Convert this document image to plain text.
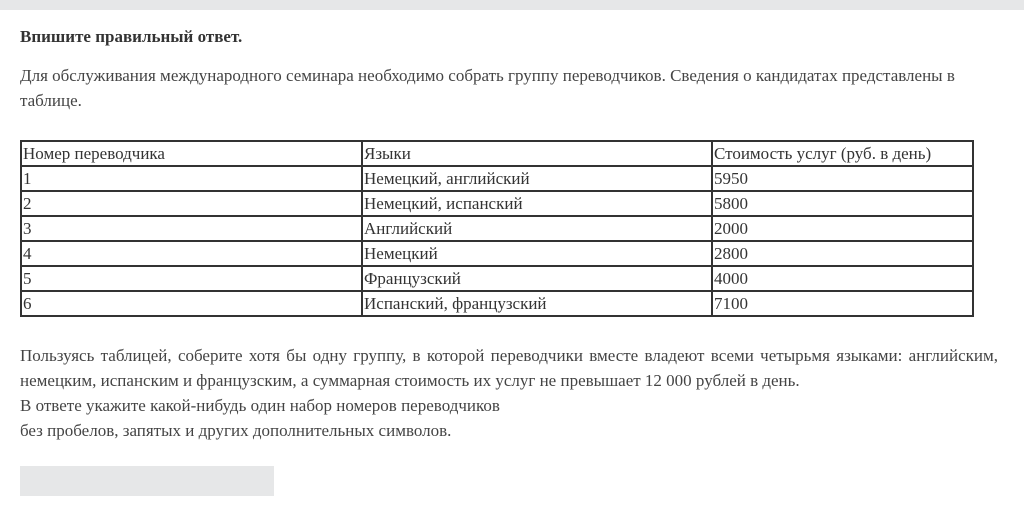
Впишите правильный ответ.

Для обслуживания международного семинара необходимо собрать группу переводчиков. Сведения о кандидатах представлены в таблице.

Номер переводчика	Языки	Стоимость услуг (руб. в день)
1	Немецкий, английский	5950
2	Немецкий, испанский	5800
3	Английский	2000
4	Немецкий	2800
5	Французский	4000
6	Испанский, французский	7100

Пользуясь таблицей, соберите хотя бы одну группу, в которой переводчики вместе владеют всеми четырьмя языками: английским, немецким, испанским и французским, а суммарная стоимость их услуг не превышает 12 000 рублей в день.

В ответе укажите какой-нибудь один набор номеров переводчиков

без пробелов, запятых и других дополнительных символов.
